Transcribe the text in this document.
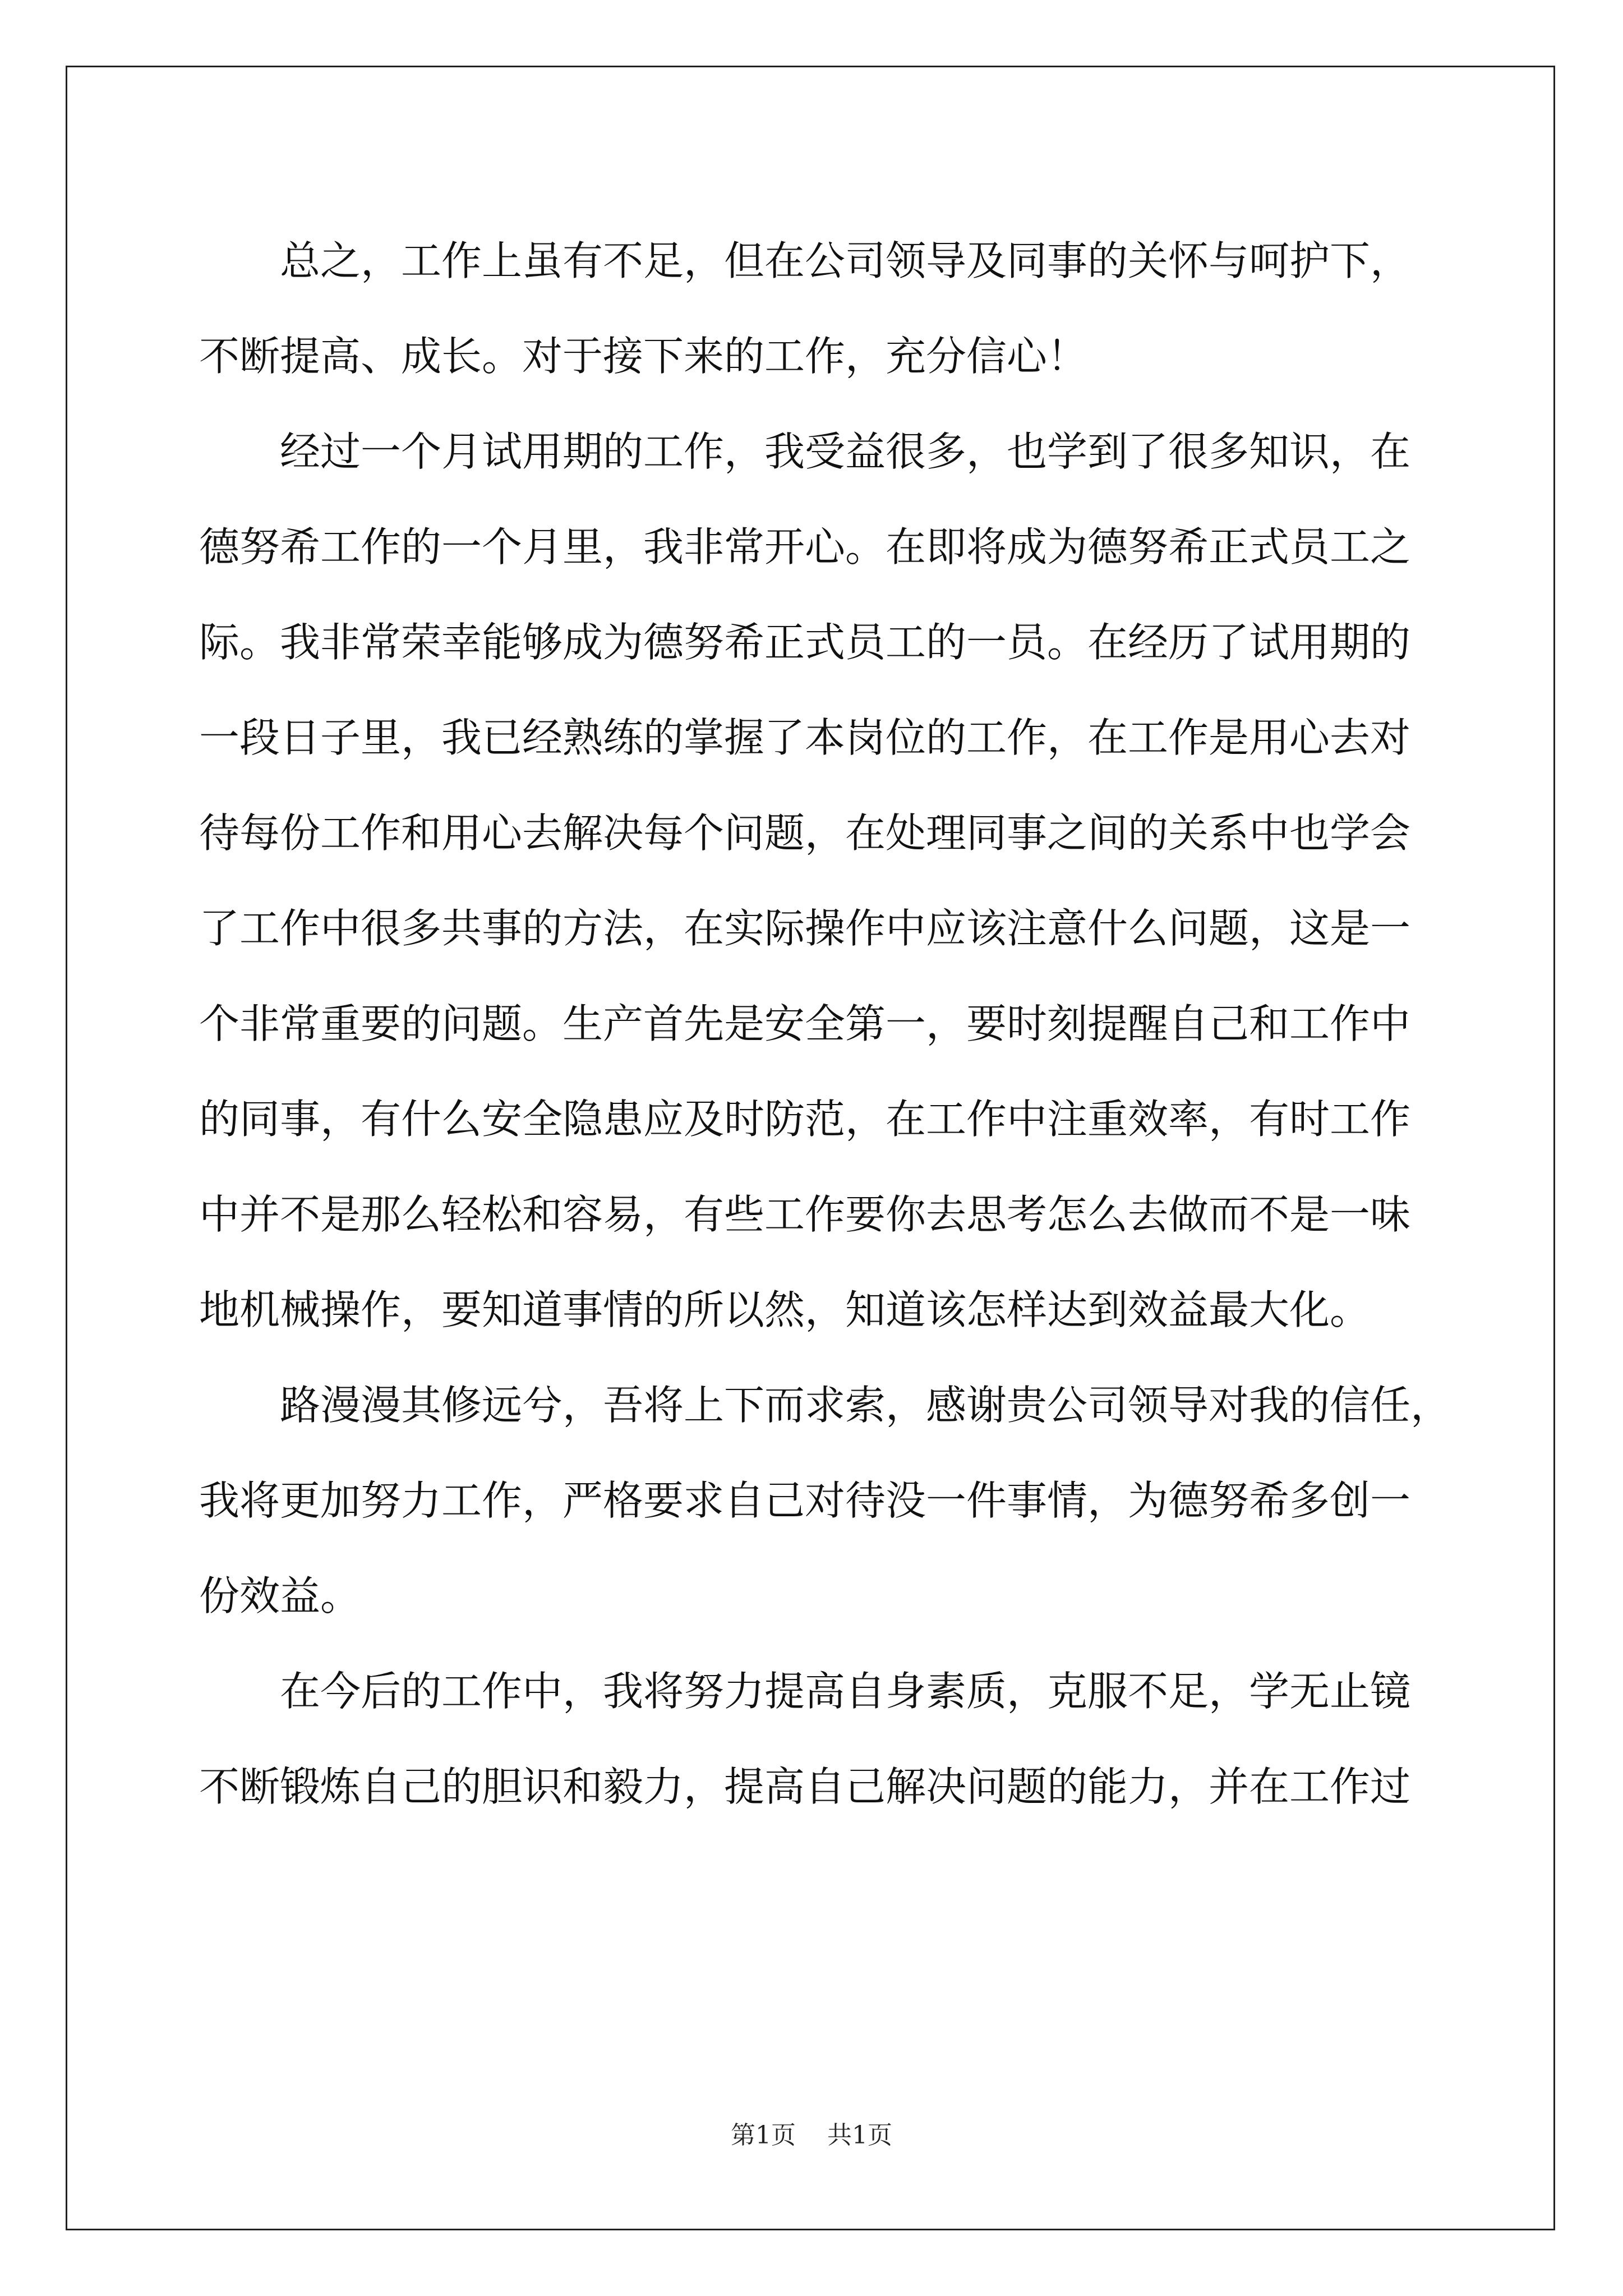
总之，工作上虽有不足，但在公司领导及同事的关怀与呵护下，
不断提高、成长。对于接下来的工作，充分信心！
经过一个月试用期的工作，我受益很多，也学到了很多知识，在
德努希工作的一个月里，我非常开心。在即将成为德努希正式员工之
际。我非常荣幸能够成为德努希正式员工的一员。在经历了试用期的
一段日子里，我已经熟练的掌握了本岗位的工作，在工作是用心去对
待每份工作和用心去解决每个问题，在处理同事之间的关系中也学会
了工作中很多共事的方法，在实际操作中应该注意什么问题，这是一
个非常重要的问题。生产首先是安全第一，要时刻提醒自己和工作中
的同事，有什么安全隐患应及时防范，在工作中注重效率，有时工作
中并不是那么轻松和容易，有些工作要你去思考怎么去做而不是一味
地机械操作，要知道事情的所以然，知道该怎样达到效益最大化。
路漫漫其修远兮，吾将上下而求索，感谢贵公司领导对我的信任，
我将更加努力工作，严格要求自己对待没一件事情，为德努希多创一
份效益。
在今后的工作中，我将努力提高自身素质，克服不足，学无止镜
不断锻炼自己的胆识和毅力，提高自己解决问题的能力，并在工作过
第1页 共1页
